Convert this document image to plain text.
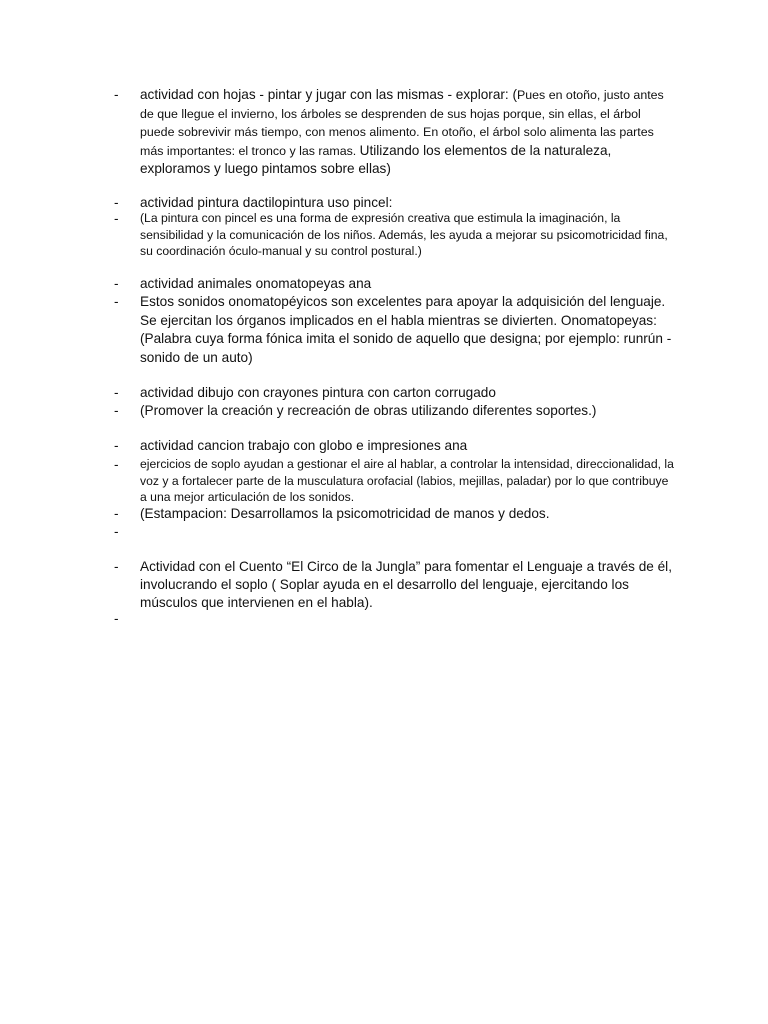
-	actividad con hojas - pintar y jugar con las mismas - explorar: (Pues en otoño, justo antes de que llegue el invierno, los árboles se desprenden de sus hojas porque, sin ellas, el árbol puede sobrevivir más tiempo, con menos alimento. En otoño, el árbol solo alimenta las partes más importantes: el tronco y las ramas. Utilizando los elementos de la naturaleza, exploramos y luego pintamos sobre ellas)
-	actividad pintura dactilopintura uso pincel:
-	(La pintura con pincel es una forma de expresión creativa que estimula la imaginación, la sensibilidad y la comunicación de los niños. Además, les ayuda a mejorar su psicomotricidad fina, su coordinación óculo-manual y su control postural.)
-	actividad animales onomatopeyas ana
-	Estos sonidos onomatopéyicos son excelentes para apoyar la adquisición del lenguaje. Se ejercitan los órganos implicados en el habla mientras se divierten. Onomatopeyas:(Palabra cuya forma fónica imita el sonido de aquello que designa; por ejemplo: runrún -sonido de un auto)
-	actividad dibujo con crayones pintura con carton corrugado
-	(Promover la creación y recreación de obras utilizando diferentes soportes.)
-	actividad cancion trabajo con globo e impresiones ana
-	ejercicios de soplo ayudan a gestionar el aire al hablar, a controlar la intensidad, direccionalidad, la voz y a fortalecer parte de la musculatura orofacial (labios, mejillas, paladar) por lo que contribuye a una mejor articulación de los sonidos.
-	(Estampacion: Desarrollamos la psicomotricidad de manos y dedos.
-
-	Actividad con el Cuento “El Circo de la Jungla” para fomentar el Lenguaje a través de él, involucrando el soplo ( Soplar ayuda en el desarrollo del lenguaje, ejercitando los músculos que intervienen en el habla).
-
